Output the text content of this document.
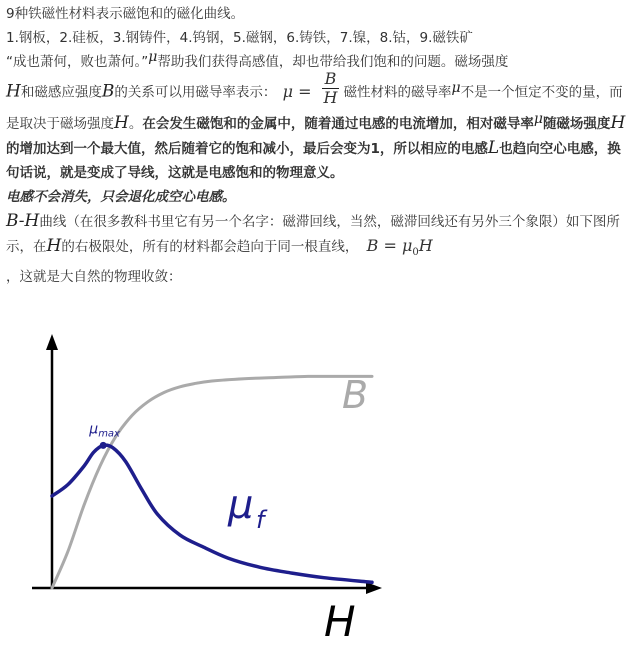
9种铁磁性材料表示磁饱和的磁化曲线。

1.钢板，2.硅板，3.钢铸件，4.钨钢，5.磁钢，6.铸铁，7.镍，8.钴，9.磁铁矿

“成也萧何，败也萧何。”μ帮助我们获得高感值，却也带给我们饱和的问题。磁场强度

H和磁感应强度B的关系可以用磁导率表示： $\mu = \frac{B}{H}$ 磁性材料的磁导率μ不是一个恒定不变的量，而是取决于磁场强度H。在会发生磁饱和的金属中，随着通过电感的电流增加，相对磁导率μ随磁场强度H的增加达到一个最大值，然后随着它的饱和减小，最后会变为1，所以相应的电感L也趋向空心电感，换句话说，就是变成了导线，这就是电感饱和的物理意义。

电感不会消失，只会退化成空心电感。

B-H曲线（在很多教科书里它有另一个名字：磁滞回线，当然，磁滞回线还有另外三个象限）如下图所示，在H的右极限处，所有的材料都会趋向于同一根直线， $B = \mu_0H$
，这就是大自然的物理收敛：

μ max
B
μ f
H
